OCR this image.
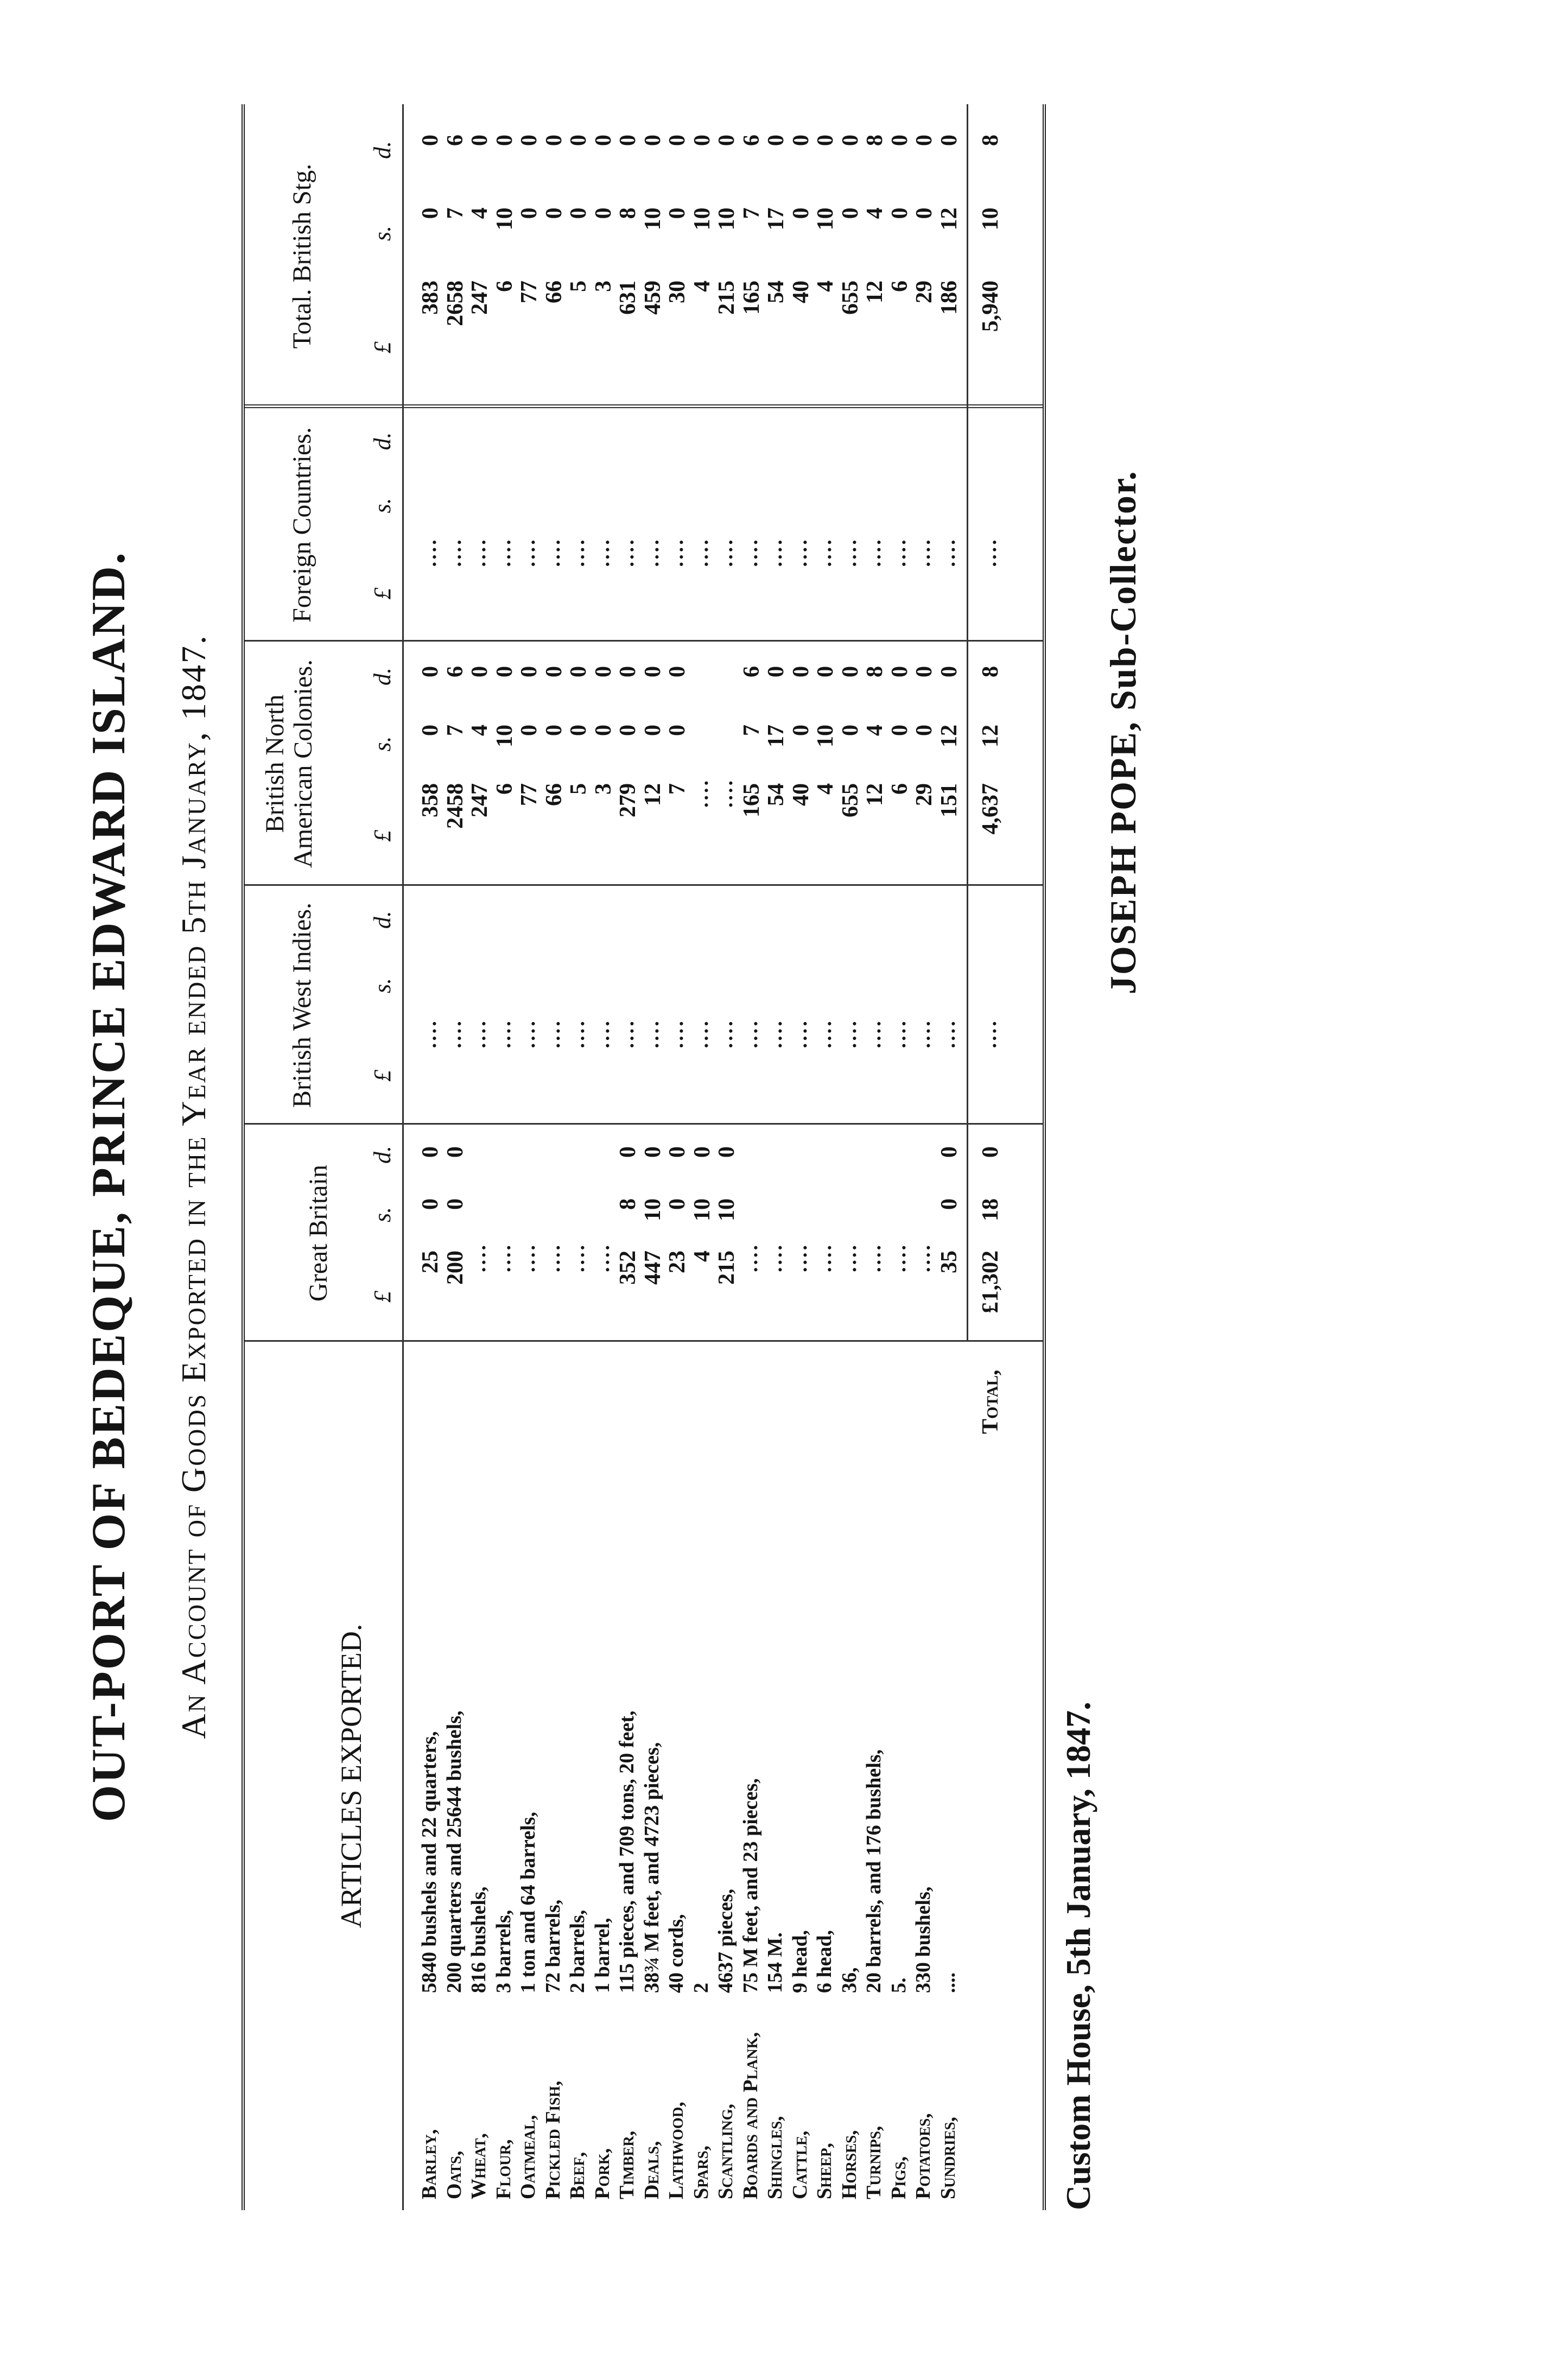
OUT-PORT OF BEDEQUE, PRINCE EDWARD ISLAND. An Account of Goods Exported in the Year ended 5th January, 1847.
ARTICLES EXPORTED.
Great Britain
British West Indies.
British North American Colonies.
Foreign Countries.
Total. British Stg.
£
s.
d.
£
s.
d.
£
s.
d.
£
s.
d.
£
s.
d.
Barley,
5840 bushels and 22 quarters,
25
0
0
....
358
0
0
....
383
0
0
Oats,
200 quarters and 25644 bushels,
200
0
0
....
2458
7
6
....
2658
7
6
Wheat,
816 bushels,
....
....
247
4
0
....
247
4
0
Flour,
3 barrels,
....
....
6
10
0
....
6
10
0
Oatmeal,
1 ton and 64 barrels,
....
....
77
0
0
....
77
0
0
Pickled Fish,
72 barrels,
....
....
66
0
0
....
66
0
0
Beef,
2 barrels,
....
....
5
0
0
....
5
0
0
Pork,
1 barrel,
....
....
3
0
0
....
3
0
0
Timber,
115 pieces, and 709 tons, 20 feet,
352
8
0
....
279
0
0
....
631
8
0
Deals,
38¾ M feet, and 4723 pieces,
447
10
0
....
12
0
0
....
459
10
0
Lathwood,
40 cords,
23
0
0
....
7
0
0
....
30
0
0
Spars,
2
4
10
0
....
....
....
4
10
0
Scantling,
4637 pieces,
215
10
0
....
....
....
215
10
0
Boards and Plank,
75 M feet, and 23 pieces,
....
....
165
7
6
....
165
7
6
Shingles,
154 M.
....
....
54
17
0
....
54
17
0
Cattle,
9 head,
....
....
40
0
0
....
40
0
0
Sheep,
6 head,
....
....
4
10
0
....
4
10
0
Horses,
36,
....
....
655
0
0
....
655
0
0
Turnips,
20 barrels, and 176 bushels,
....
....
12
4
8
....
12
4
8
Pigs,
5.
....
....
6
0
0
....
6
0
0
Potatoes,
330 bushels,
....
....
29
0
0
....
29
0
0
Sundries,
....
35
0
0
....
151
12
0
....
186
12
0
Total,
£1,302
18
0
....
4,637
12
8
....
5,940
10
8
Custom House, 5th January, 1847.
JOSEPH POPE, Sub-Collector.
